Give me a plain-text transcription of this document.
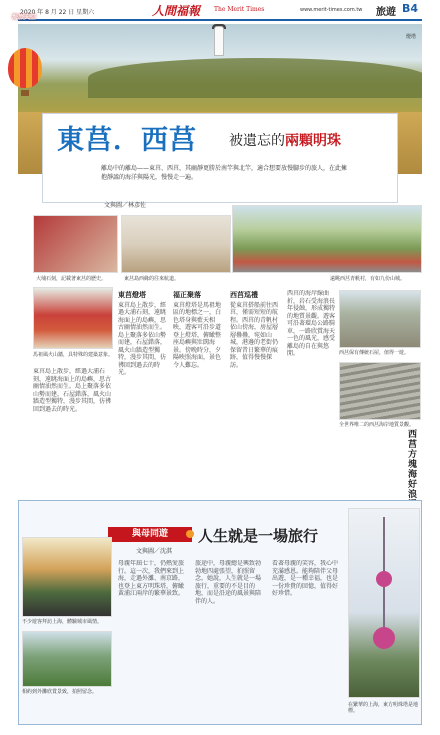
2020 年 8 月 22 日 星期六	人間福報 The Merit Times	www.merit-times.com.tw 旅遊 B4
燈塔
海旅天空
東莒．西莒 被遺忘的兩顆明珠

離島中的離島——東莒、西莒，其幽靜更勝於南竿與北竿，適合想要放慢腳步的旅人，在此擁抱靜謐的海洋與陽光，慢慢走一遍。

文與圖／林彥佐
大埔石刻，記載著東莒的歷史。	東莒島西緣的往來航道。	遠眺西莒青帆村，有如九份山城。
馬祖風火山牆，具特殊的建築意象。	西莒保有傳統石屋，值得一遊。
全世界唯二的西莒海岸地質景觀。
東莒燈塔
東莒島上散步，經過大浦石刻，遠眺海面上的島嶼，思古幽情油然而生。島上聚落多依山勢而建，石屋錯落，風火山牆造型獨特，漫步其間，彷彿回到過去的時光。
福正聚落
東莒燈塔是馬祖地區的地標之一，白色塔身與藍天相映，遊客可沿步道登上燈塔，俯瞰整座島嶼與壯闊海景。傍晚時分，夕陽映照海面，景色令人難忘。
西莒巡禮
從東莒搭船前往西莒，僅需短短的航程。西莒的青帆村依山傍海，房屋層層疊疊，宛如山城，港邊的老街仍保留昔日繁華的痕跡，值得慢慢探訪。
西莒的海岸線曲折，岩石受海浪長年侵蝕，形成獨特的地質景觀。遊客可沿著環島公路騎車，一路欣賞海天一色的風光，感受離島的自在與悠閒。
東莒島上散步，經過大浦石刻，遠眺海面上的島嶼，思古幽情油然而生。島上聚落多依山勢而建，石屋錯落，風火山牆造型獨特，漫步其間，彷彿回到過去的時光。
西莒方塊海好浪
與母同遊	人生就是一場旅行
文與圖／沈淇
不少遊客拜訪上海，體驗城市風情。
相約到外灘欣賞景致，拍照留念。
在繁華的上海，東方明珠塔是地標。
母親年屆七十，仍熱愛旅行。這一次，我們來到上海，走過外灘、南京路，也登上東方明珠塔，俯瞰黃浦江兩岸的繁華景致。
旅途中，母親總是興致勃勃地四處張望，拍照留念。她說，人生就是一場旅行，重要的不是目的地，而是沿途的風景與陪伴的人。
看著母親的笑容，我心中充滿感恩。能夠陪伴父母出遊，是一種幸福，也是一份珍貴的回憶，值得好好珍惜。
